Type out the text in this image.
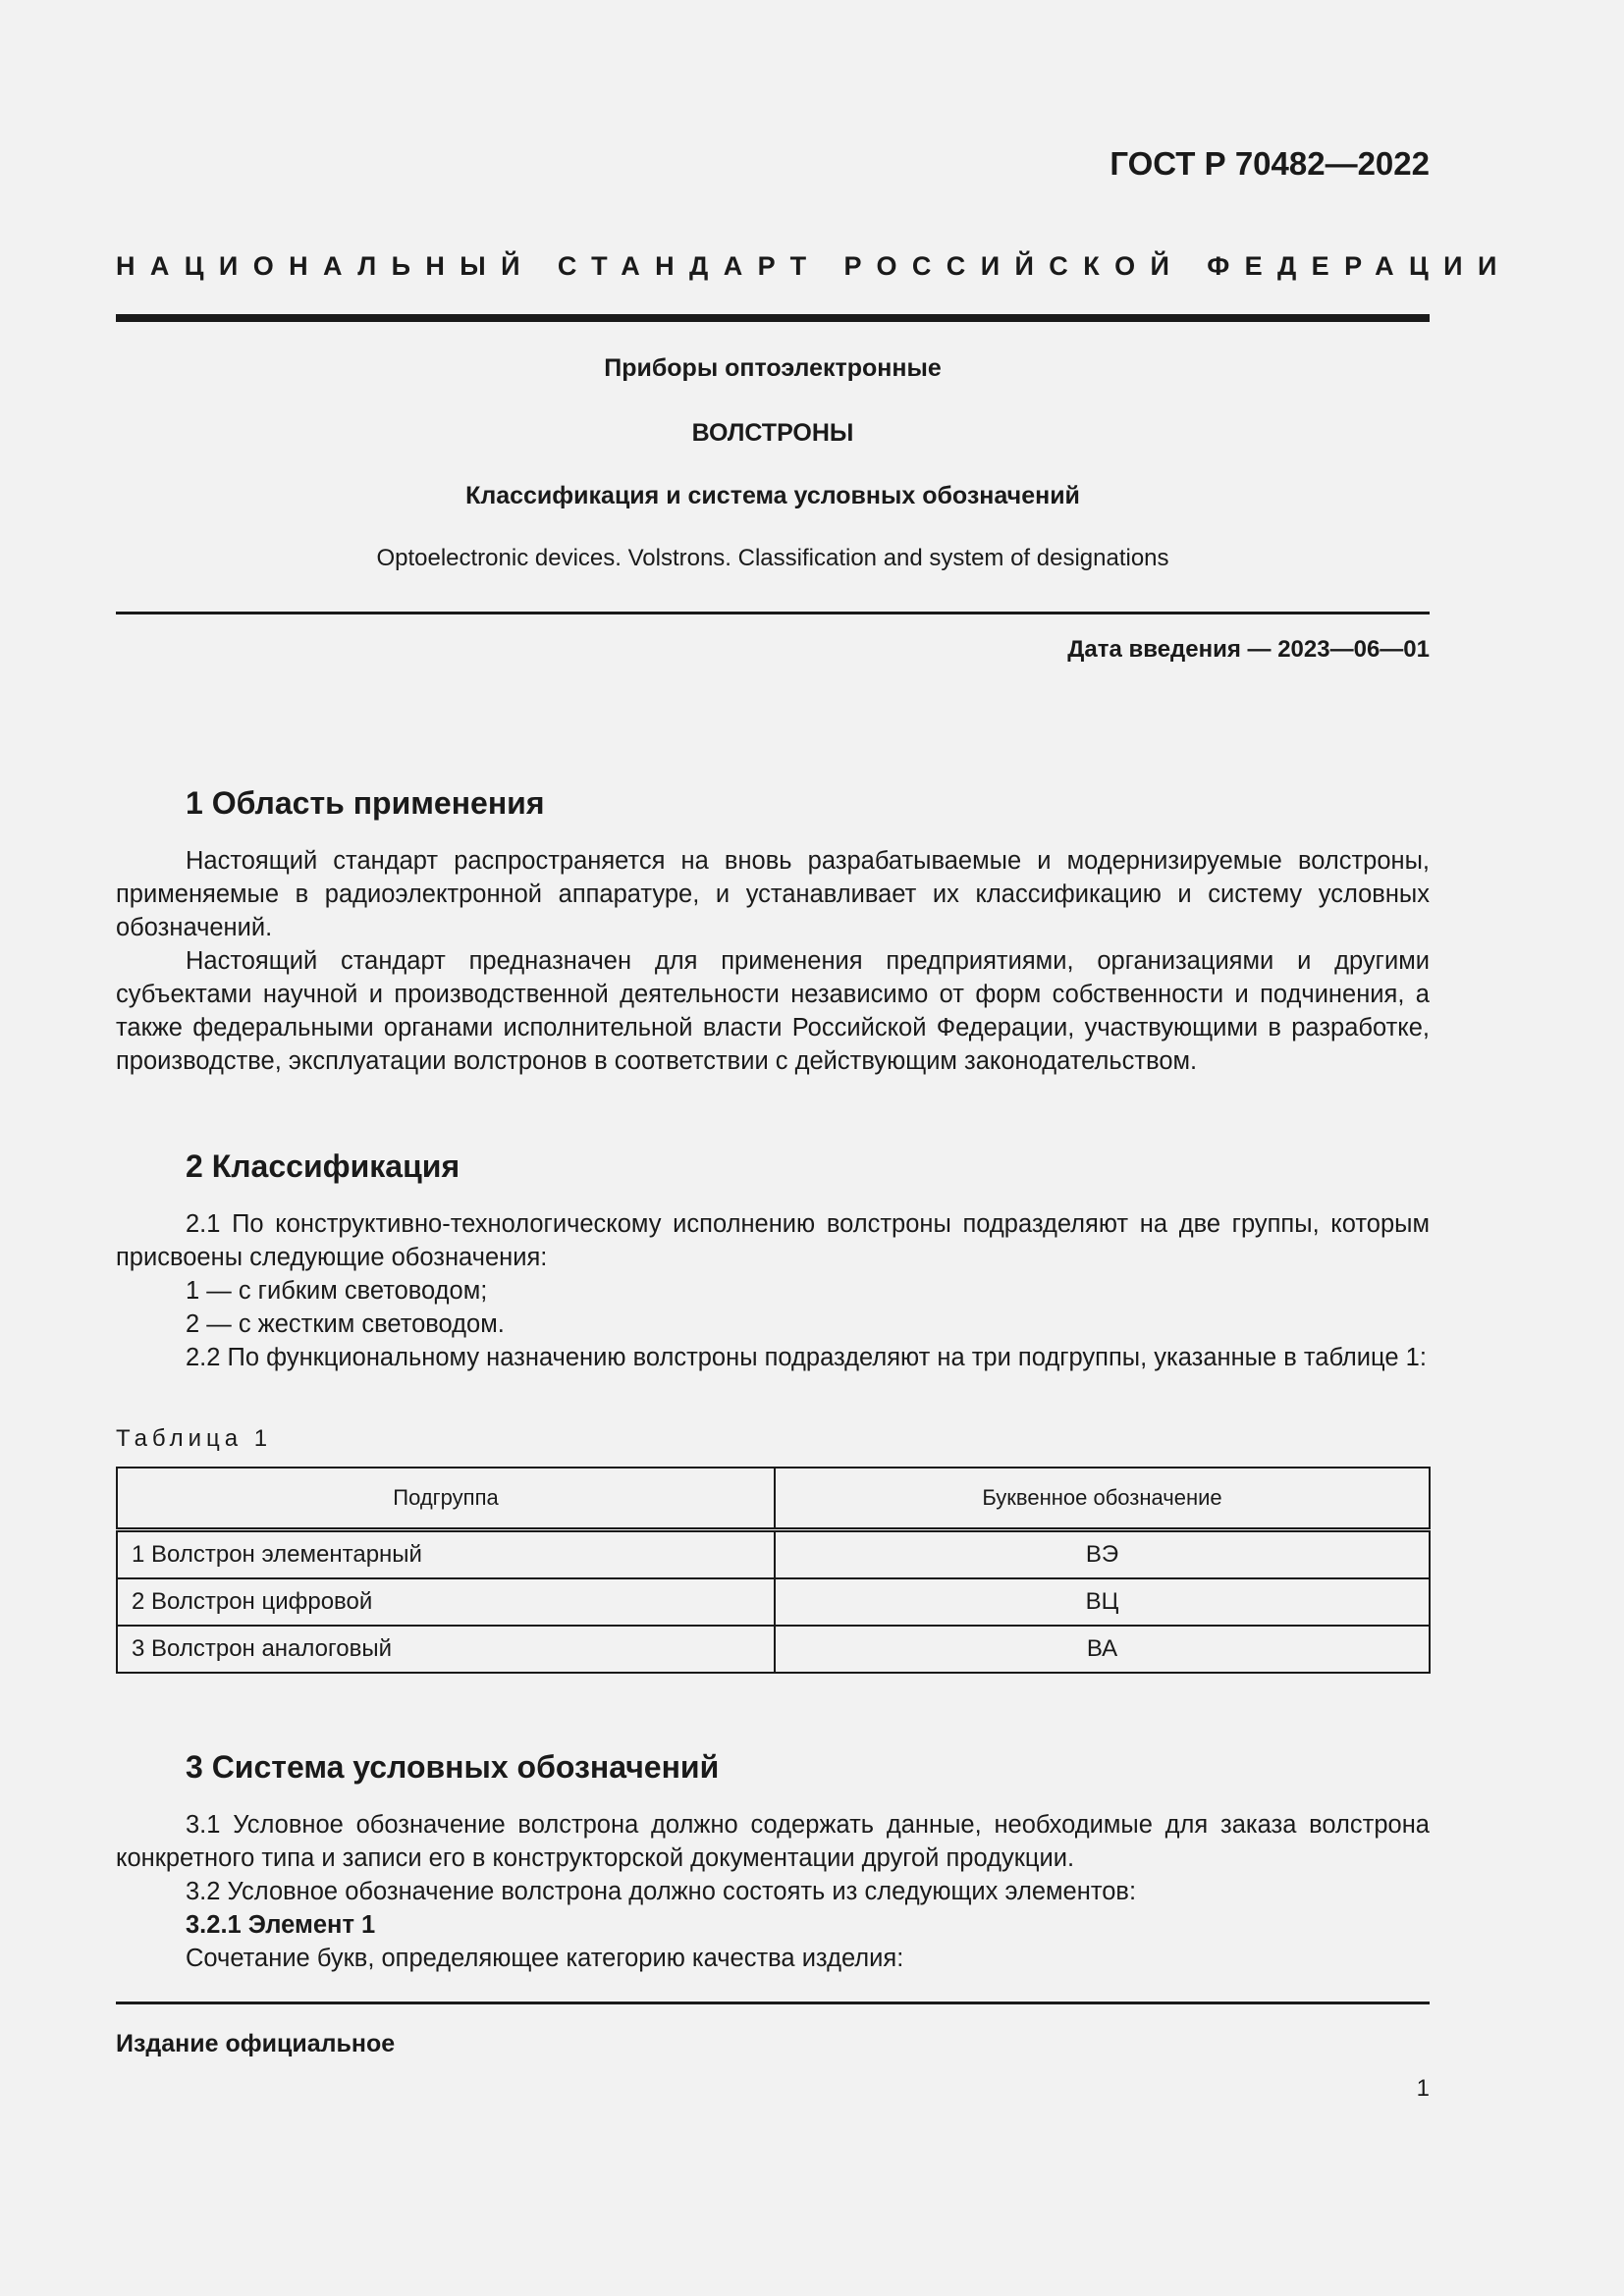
ГОСТ Р 70482—2022

НАЦИОНАЛЬНЫЙ СТАНДАРТ РОССИЙСКОЙ ФЕДЕРАЦИИ

Приборы оптоэлектронные

ВОЛСТРОНЫ

Классификация и система условных обозначений

Optoelectronic devices. Volstrons. Classification and system of designations

Дата введения — 2023—06—01

1 Область применения

Настоящий стандарт распространяется на вновь разрабатываемые и модернизируемые волстроны, применяемые в радиоэлектронной аппаратуре, и устанавливает их классификацию и систему условных обозначений.

Настоящий стандарт предназначен для применения предприятиями, организациями и другими субъектами научной и производственной деятельности независимо от форм собственности и подчинения, а также федеральными органами исполнительной власти Российской Федерации, участвующими в разработке, производстве, эксплуатации волстронов в соответствии с действующим законодательством.

2 Классификация

2.1 По конструктивно-технологическому исполнению волстроны подразделяют на две группы, которым присвоены следующие обозначения:

1 — с гибким световодом;

2 — с жестким световодом.

2.2 По функциональному назначению волстроны подразделяют на три подгруппы, указанные в таблице 1:

Таблица 1

Подгруппа	Буквенное обозначение
1 Волстрон элементарный	ВЭ
2 Волстрон цифровой	ВЦ
3 Волстрон аналоговый	ВА
3 Система условных обозначений

3.1 Условное обозначение волстрона должно содержать данные, необходимые для заказа волстрона конкретного типа и записи его в конструкторской документации другой продукции.

3.2 Условное обозначение волстрона должно состоять из следующих элементов:

3.2.1 Элемент 1

Сочетание букв, определяющее категорию качества изделия:

Издание официальное

1
